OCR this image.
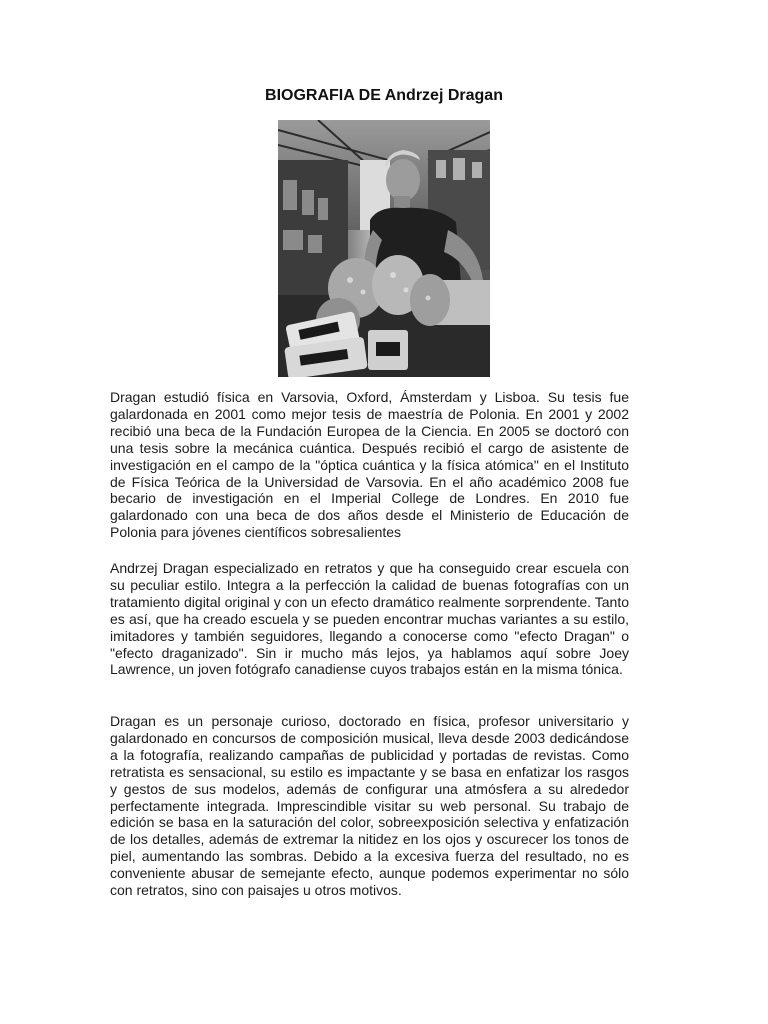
BIOGRAFIA DE Andrzej Dragan

Dragan estudió física en Varsovia, Oxford, Ámsterdam y Lisboa. Su tesis fue galardonada en 2001 como mejor tesis de maestría de Polonia. En 2001 y 2002 recibió una beca de la Fundación Europea de la Ciencia. En 2005 se doctoró con una tesis sobre la mecánica cuántica. Después recibió el cargo de asistente de investigación en el campo de la "óptica cuántica y la física atómica" en el Instituto de Física Teórica de la Universidad de Varsovia. En el año académico 2008 fue becario de investigación en el Imperial College de Londres. En 2010 fue galardonado con una beca de dos años desde el Ministerio de Educación de Polonia para jóvenes científicos sobresalientes

Andrzej Dragan especializado en retratos y que ha conseguido crear escuela con su peculiar estilo. Integra a la perfección la calidad de buenas fotografías con un tratamiento digital original y con un efecto dramático realmente sorprendente. Tanto es así, que ha creado escuela y se pueden encontrar muchas variantes a su estilo, imitadores y también seguidores, llegando a conocerse como "efecto Dragan" o "efecto draganizado". Sin ir mucho más lejos, ya hablamos aquí sobre Joey Lawrence, un joven fotógrafo canadiense cuyos trabajos están en la misma tónica.

Dragan es un personaje curioso, doctorado en física, profesor universitario y galardonado en concursos de composición musical, lleva desde 2003 dedicándose a la fotografía, realizando campañas de publicidad y portadas de revistas. Como retratista es sensacional, su estilo es impactante y se basa en enfatizar los rasgos y gestos de sus modelos, además de configurar una atmósfera a su alrededor perfectamente integrada. Imprescindible visitar su web personal. Su trabajo de edición se basa en la saturación del color, sobreexposición selectiva y enfatización de los detalles, además de extremar la nitidez en los ojos y oscurecer los tonos de piel, aumentando las sombras. Debido a la excesiva fuerza del resultado, no es conveniente abusar de semejante efecto, aunque podemos experimentar no sólo con retratos, sino con paisajes u otros motivos.
